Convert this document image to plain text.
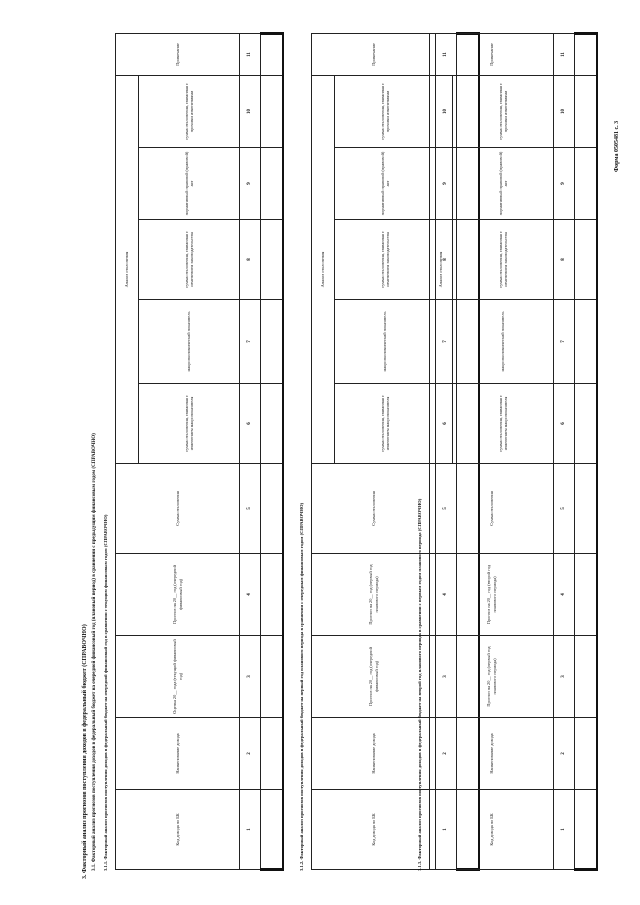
3. Факторный анализ прогнозов поступления доходов в федеральный бюджет (СПРАВОЧНО) 3.1. Факторный анализ прогнозов поступления доходов в федеральный бюджет на очередной финансовый год (плановый период) в сравнении с предыдущим финансовым годом (СПРАВОЧНО) 3.1.1. Факторный анализ прогнозов поступления доходов в федеральный бюджет на очередной финансовый год в сравнении с текущим финансовым годом (СПРАВОЧНО)	Код дохода по БК	Наименование дохода	Оценка 20__ года (текущий финансовый год)	Прогноз на 20__ год (очередной финансовый год)	Сумма отклонения	Анализ отклонения					Примечание
					сумма отклонения, связанная с изменением макропоказателя	макроэкономический показатель	сумма отклонения, связанная с изменением законодательства	нормативный правовой (правовой) акт	сумма отклонения, связанная с прочими изменениями	
1	2	3	4	5	6	7	8	9	10	11

3.1.2. Факторный анализ прогнозов поступления доходов в федеральный бюджет на первый год планового периода в сравнении с очередным финансовым годом (СПРАВОЧНО)	Код дохода по БК	Наименование дохода	Прогноз на 20__ год (очередной финансовый год)	Прогноз на 20__ год (первый год планового периода)	Сумма отклонения	Анализ отклонения					Примечание
					сумма отклонения, связанная с изменением макропоказателя	макроэкономический показатель	сумма отклонения, связанная с изменением законодательства	нормативный правовой (правовой) акт	сумма отклонения, связанная с прочими изменениями	
1	2	3	4	5	6	7	8	9	10	11

3.1.3. Факторный анализ прогнозов поступления доходов в федеральный бюджет на второй год планового периода в сравнении с первым годом планового периода (СПРАВОЧНО)	Код дохода по БК	Наименование дохода	Прогноз на 20__ год (первый год планового периода)	Прогноз на 20__ год (второй год планового периода)	Сумма отклонения	Анализ отклонения					Примечание
					сумма отклонения, связанная с изменением макропоказателя	макроэкономический показатель	сумма отклонения, связанная с изменением законодательства	нормативный правовой (правовой) акт	сумма отклонения, связанная с прочими изменениями	
1	2	3	4	5	6	7	8	9	10	11

Форма 0505481 с. 3
